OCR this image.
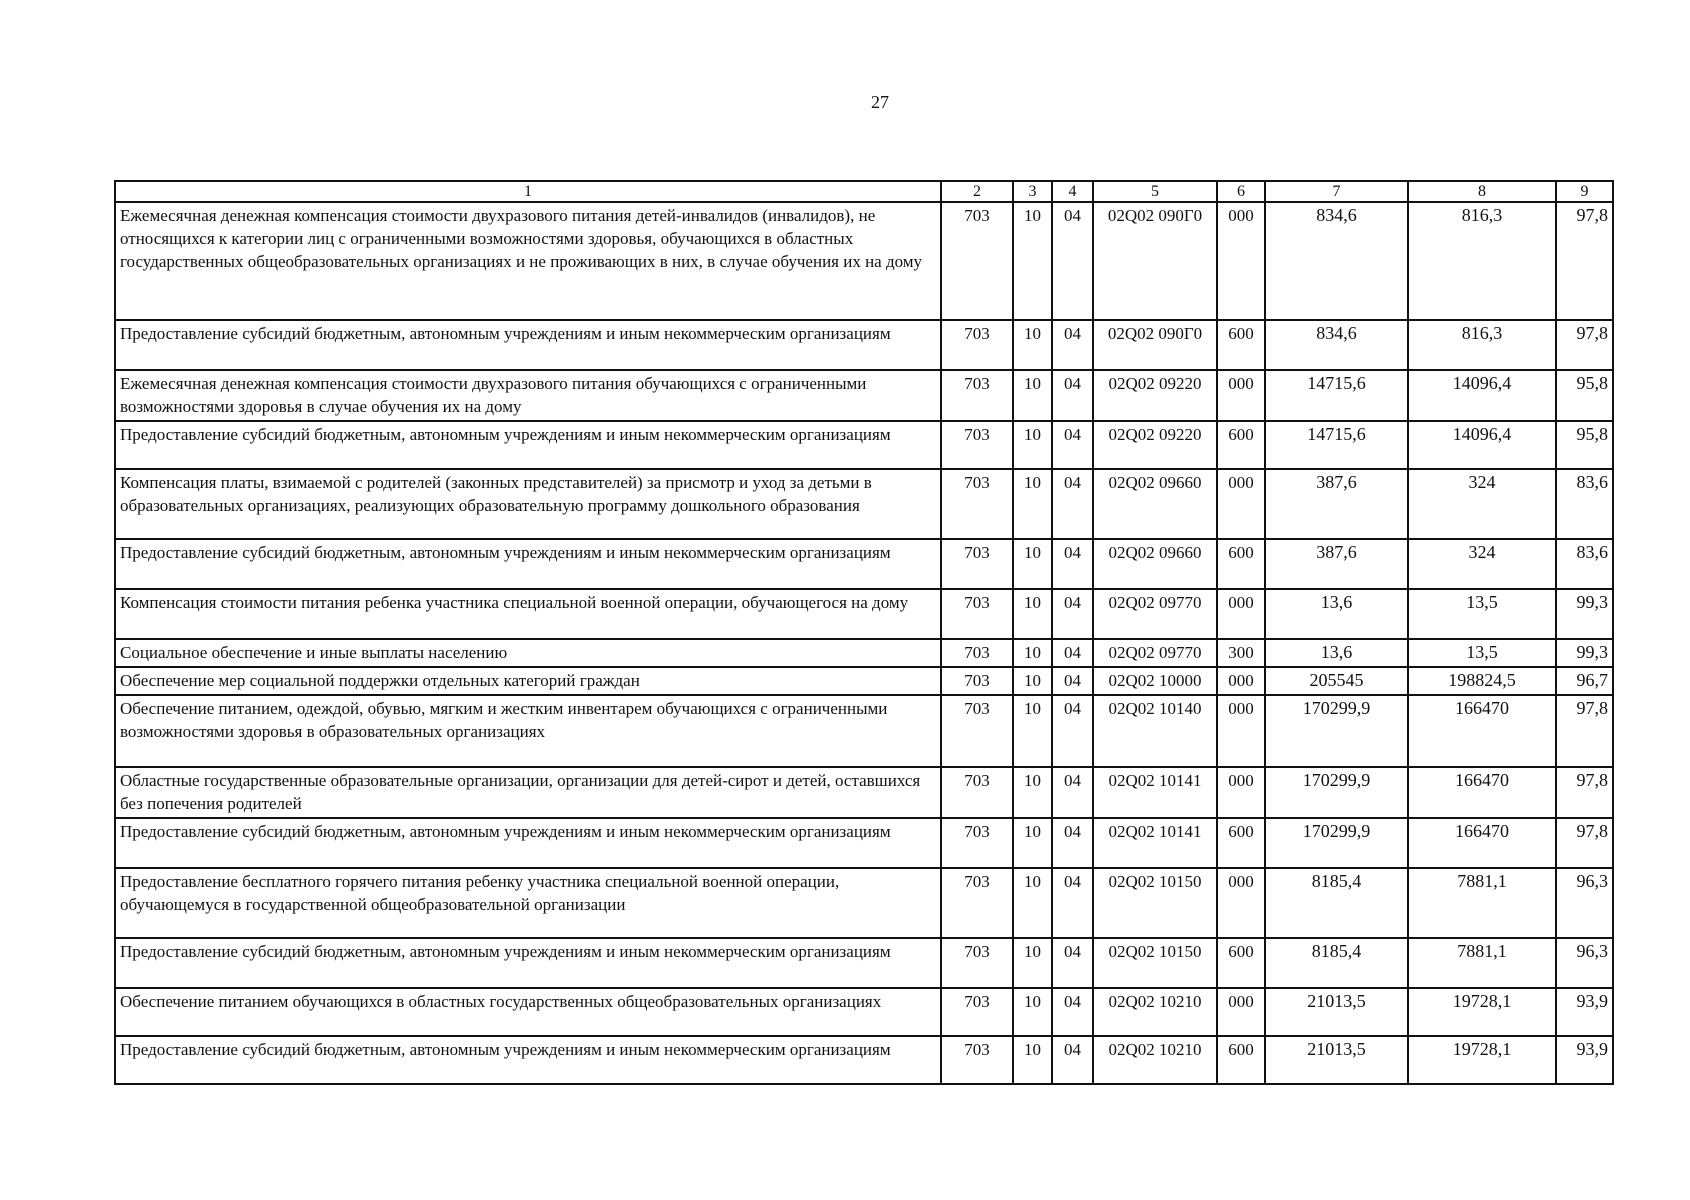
27
1	2	3	4	5	6	7	8	9
Ежемесячная денежная компенсация стоимости двухразового питания детей-инвалидов (инвалидов), не относящихся к категории лиц с ограниченными возможностями здоровья, обучающихся в областных государственных общеобразовательных организациях и не проживающих в них, в случае обучения их на дому	703	10	04	02Q02 090Г0	000	834,6	816,3	97,8
Предоставление субсидий бюджетным, автономным учреждениям и иным некоммерческим организациям	703	10	04	02Q02 090Г0	600	834,6	816,3	97,8
Ежемесячная денежная компенсация стоимости двухразового питания обучающихся с ограниченными возможностями здоровья в случае обучения их на дому	703	10	04	02Q02 09220	000	14715,6	14096,4	95,8
Предоставление субсидий бюджетным, автономным учреждениям и иным некоммерческим организациям	703	10	04	02Q02 09220	600	14715,6	14096,4	95,8
Компенсация платы, взимаемой с родителей (законных представителей) за присмотр и уход за детьми в образовательных организациях, реализующих образовательную программу дошкольного образования	703	10	04	02Q02 09660	000	387,6	324	83,6
Предоставление субсидий бюджетным, автономным учреждениям и иным некоммерческим организациям	703	10	04	02Q02 09660	600	387,6	324	83,6
Компенсация стоимости питания ребенка участника специальной военной операции, обучающегося на дому	703	10	04	02Q02 09770	000	13,6	13,5	99,3
Социальное обеспечение и иные выплаты населению	703	10	04	02Q02 09770	300	13,6	13,5	99,3
Обеспечение мер социальной поддержки отдельных категорий граждан	703	10	04	02Q02 10000	000	205545	198824,5	96,7
Обеспечение питанием, одеждой, обувью, мягким и жестким инвентарем обучающихся с ограниченными возможностями здоровья в образовательных организациях	703	10	04	02Q02 10140	000	170299,9	166470	97,8
Областные государственные образовательные организации, организации для детей-сирот и детей, оставшихся без попечения родителей	703	10	04	02Q02 10141	000	170299,9	166470	97,8
Предоставление субсидий бюджетным, автономным учреждениям и иным некоммерческим организациям	703	10	04	02Q02 10141	600	170299,9	166470	97,8
Предоставление бесплатного горячего питания ребенку участника специальной военной операции, обучающемуся в государственной общеобразовательной организации	703	10	04	02Q02 10150	000	8185,4	7881,1	96,3
Предоставление субсидий бюджетным, автономным учреждениям и иным некоммерческим организациям	703	10	04	02Q02 10150	600	8185,4	7881,1	96,3
Обеспечение питанием обучающихся в областных государственных общеобразовательных организациях	703	10	04	02Q02 10210	000	21013,5	19728,1	93,9
Предоставление субсидий бюджетным, автономным учреждениям и иным некоммерческим организациям	703	10	04	02Q02 10210	600	21013,5	19728,1	93,9
